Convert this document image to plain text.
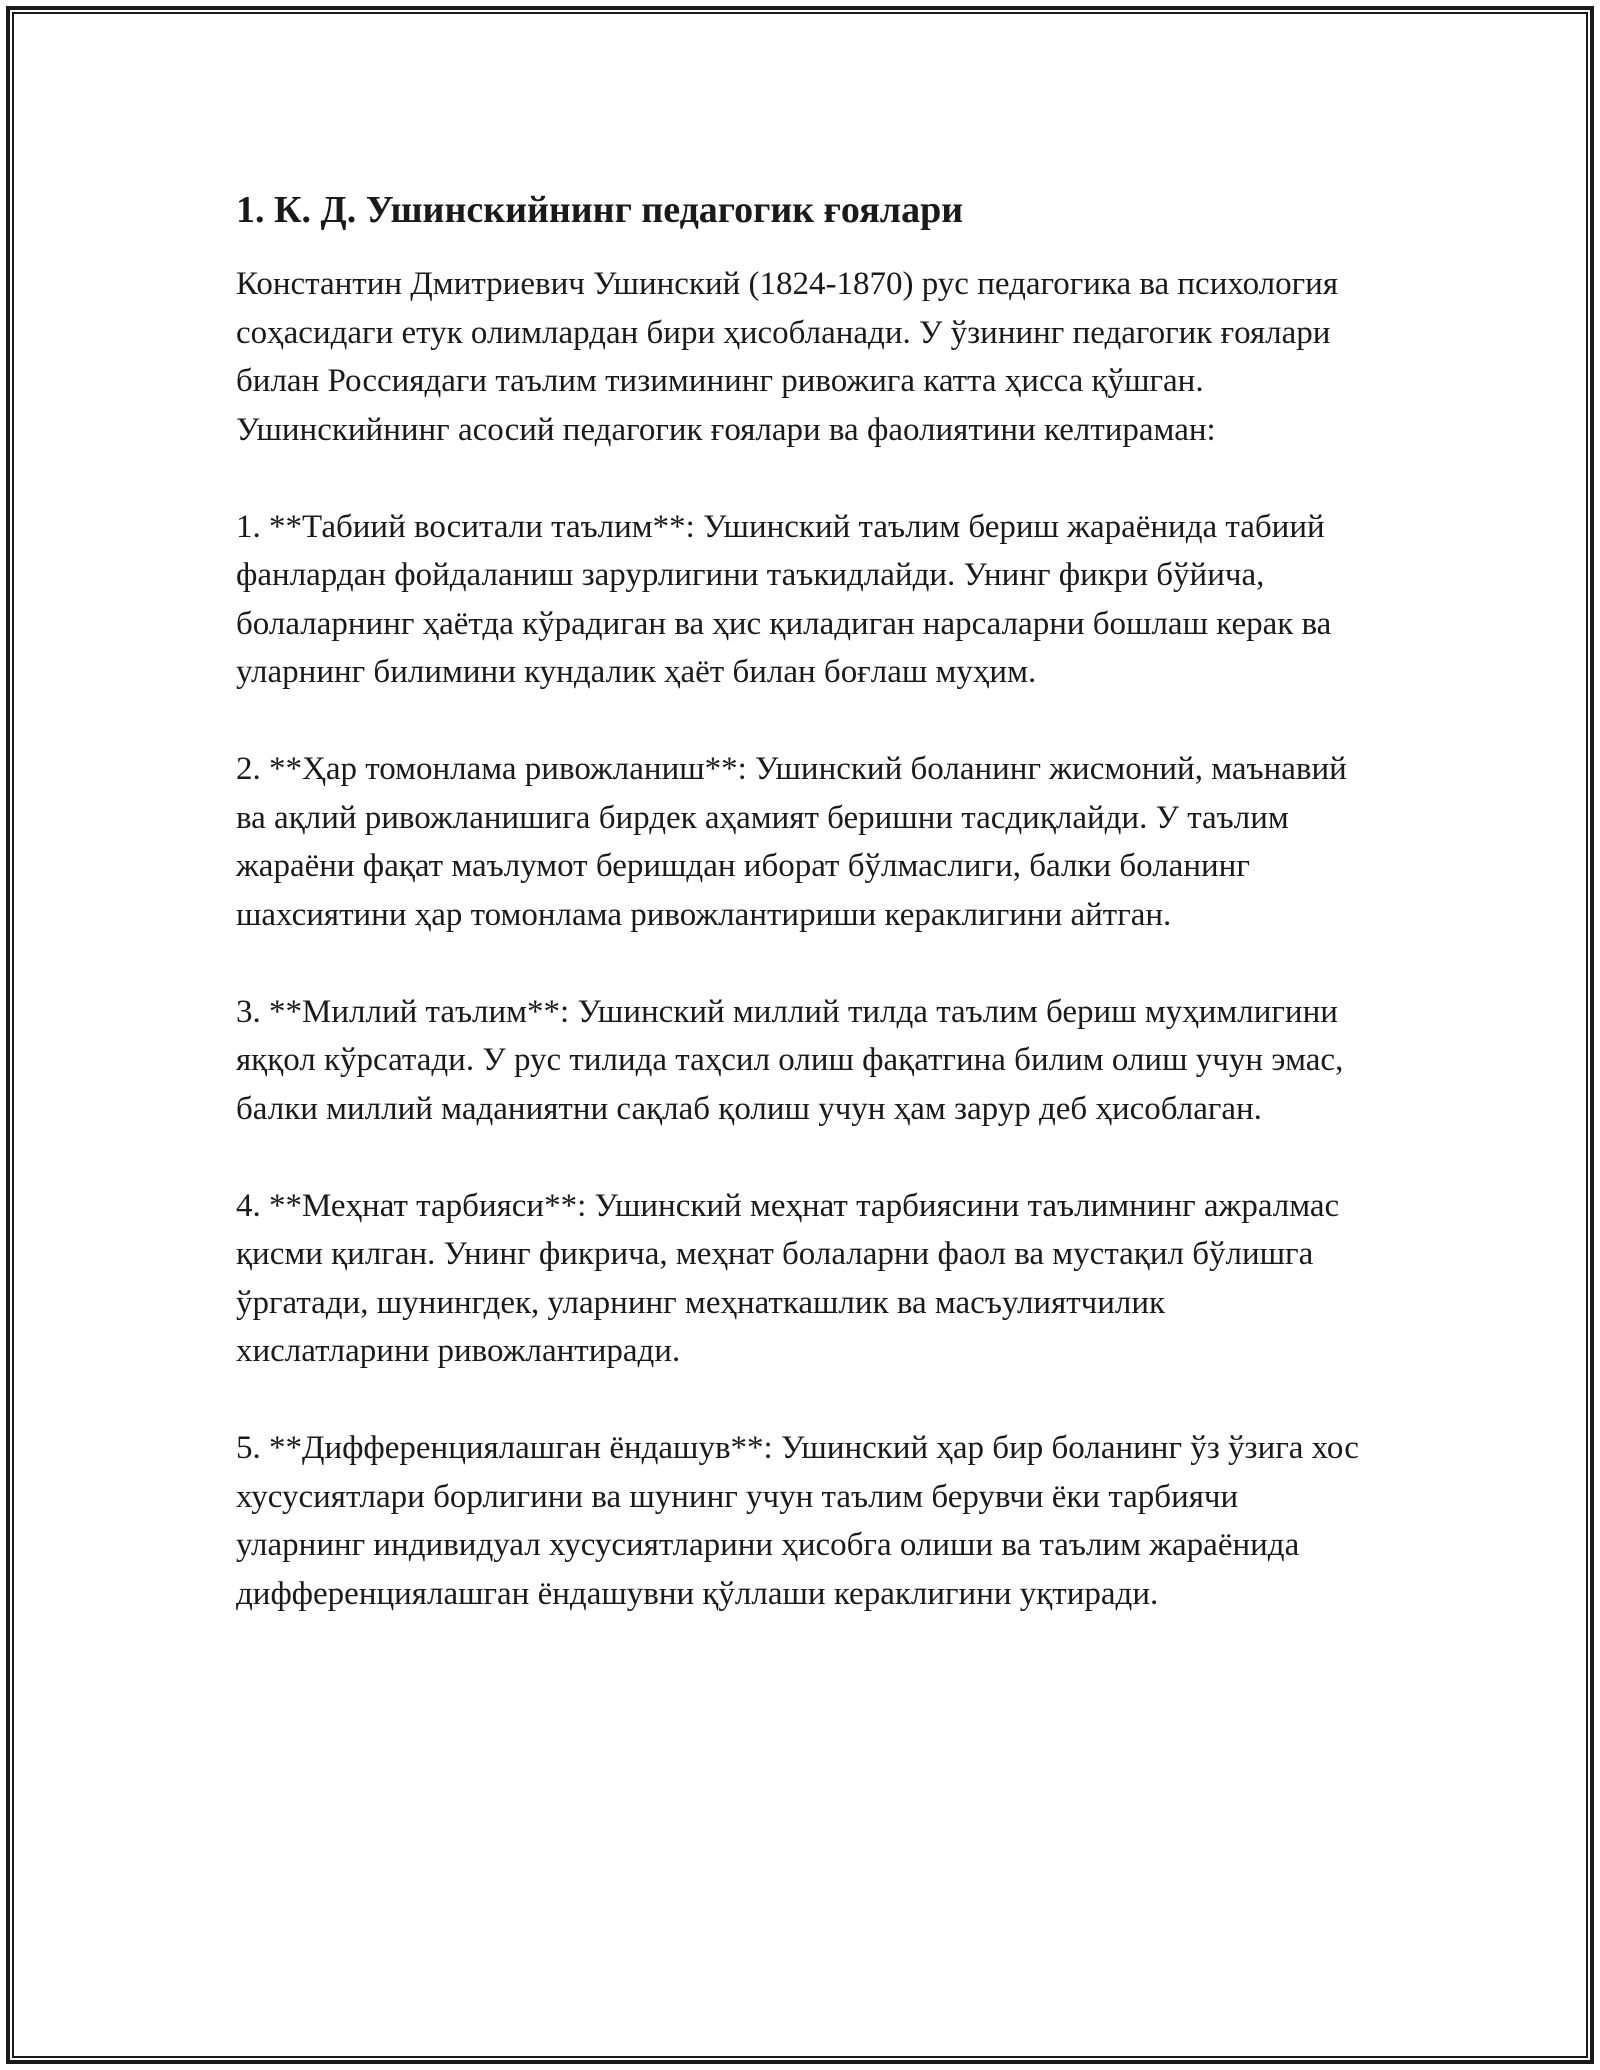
1. К. Д. Ушинскийнинг педагогик ғоялари

Константин Дмитриевич Ушинский (1824-1870) рус педагогика ва психология соҳасидаги етук олимлардан бири ҳисобланади. У ўзининг педагогик ғоялари билан Россиядаги таълим тизимининг ривожига катта ҳисса қўшган. Ушинскийнинг асосий педагогик ғоялари ва фаолиятини келтираман:

1. **Табиий воситали таълим**: Ушинский таълим бериш жараёнида табиий фанлардан фойдаланиш зарурлигини таъкидлайди. Унинг фикри бўйича, болаларнинг ҳаётда кўрадиган ва ҳис қиладиган нарсаларни бошлаш керак ва уларнинг билимини кундалик ҳаёт билан боғлаш муҳим.

2. **Ҳар томонлама ривожланиш**: Ушинский боланинг жисмоний, маънавий ва ақлий ривожланишига бирдек аҳамият беришни тасдиқлайди. У таълим жараёни фақат маълумот беришдан иборат бўлмаслиги, балки боланинг шахсиятини ҳар томонлама ривожлантириши кераклигини айтган.

3. **Миллий таълим**: Ушинский миллий тилда таълим бериш муҳимлигини яққол кўрсатади. У рус тилида таҳсил олиш фақатгина билим олиш учун эмас, балки миллий маданиятни сақлаб қолиш учун ҳам зарур деб ҳисоблаган.

4. **Меҳнат тарбияси**: Ушинский меҳнат тарбиясини таълимнинг ажралмас қисми қилган. Унинг фикрича, меҳнат болаларни фаол ва мустақил бўлишга ўргатади, шунингдек, уларнинг меҳнаткашлик ва масъулиятчилик хислатларини ривожлантиради.

5. **Дифференциялашган ёндашув**: Ушинский ҳар бир боланинг ўз ўзига хос хусусиятлари борлигини ва шунинг учун таълим берувчи ёки тарбиячи уларнинг индивидуал хусусиятларини ҳисобга олиши ва таълим жараёнида дифференциялашган ёндашувни қўллаши кераклигини уқтиради.
